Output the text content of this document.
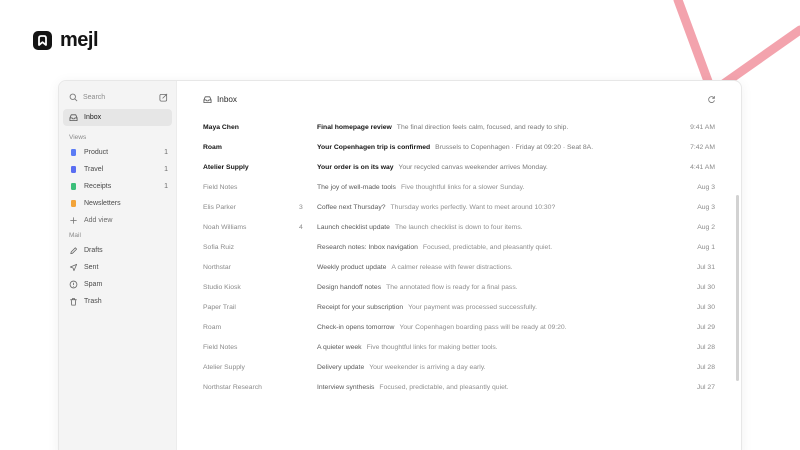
mejl
Search
Inbox
Views
Product	1
Travel	1
Receipts	1
Newsletters
Add view
Mail
Drafts
Sent
Spam
Trash
Inbox
Maya Chen	Final homepage review The final direction feels calm, focused, and ready to ship.	9:41 AM
Roam	Your Copenhagen trip is confirmed Brussels to Copenhagen · Friday at 09:20 · Seat 8A.	7:42 AM
Atelier Supply	Your order is on its way Your recycled canvas weekender arrives Monday.	4:41 AM
Field Notes	The joy of well-made tools Five thoughtful links for a slower Sunday.	Aug 3
Elis Parker	3	Coffee next Thursday? Thursday works perfectly. Want to meet around 10:30?	Aug 3
Noah Williams	4	Launch checklist update The launch checklist is down to four items.	Aug 2
Sofia Ruiz	Research notes: Inbox navigation Focused, predictable, and pleasantly quiet.	Aug 1
Northstar	Weekly product update A calmer release with fewer distractions.	Jul 31
Studio Kiosk	Design handoff notes The annotated flow is ready for a final pass.	Jul 30
Paper Trail	Receipt for your subscription Your payment was processed successfully.	Jul 30
Roam	Check-in opens tomorrow Your Copenhagen boarding pass will be ready at 09:20.	Jul 29
Field Notes	A quieter week Five thoughtful links for making better tools.	Jul 28
Atelier Supply	Delivery update Your weekender is arriving a day early.	Jul 28
Northstar Research	Interview synthesis Focused, predictable, and pleasantly quiet.	Jul 27
